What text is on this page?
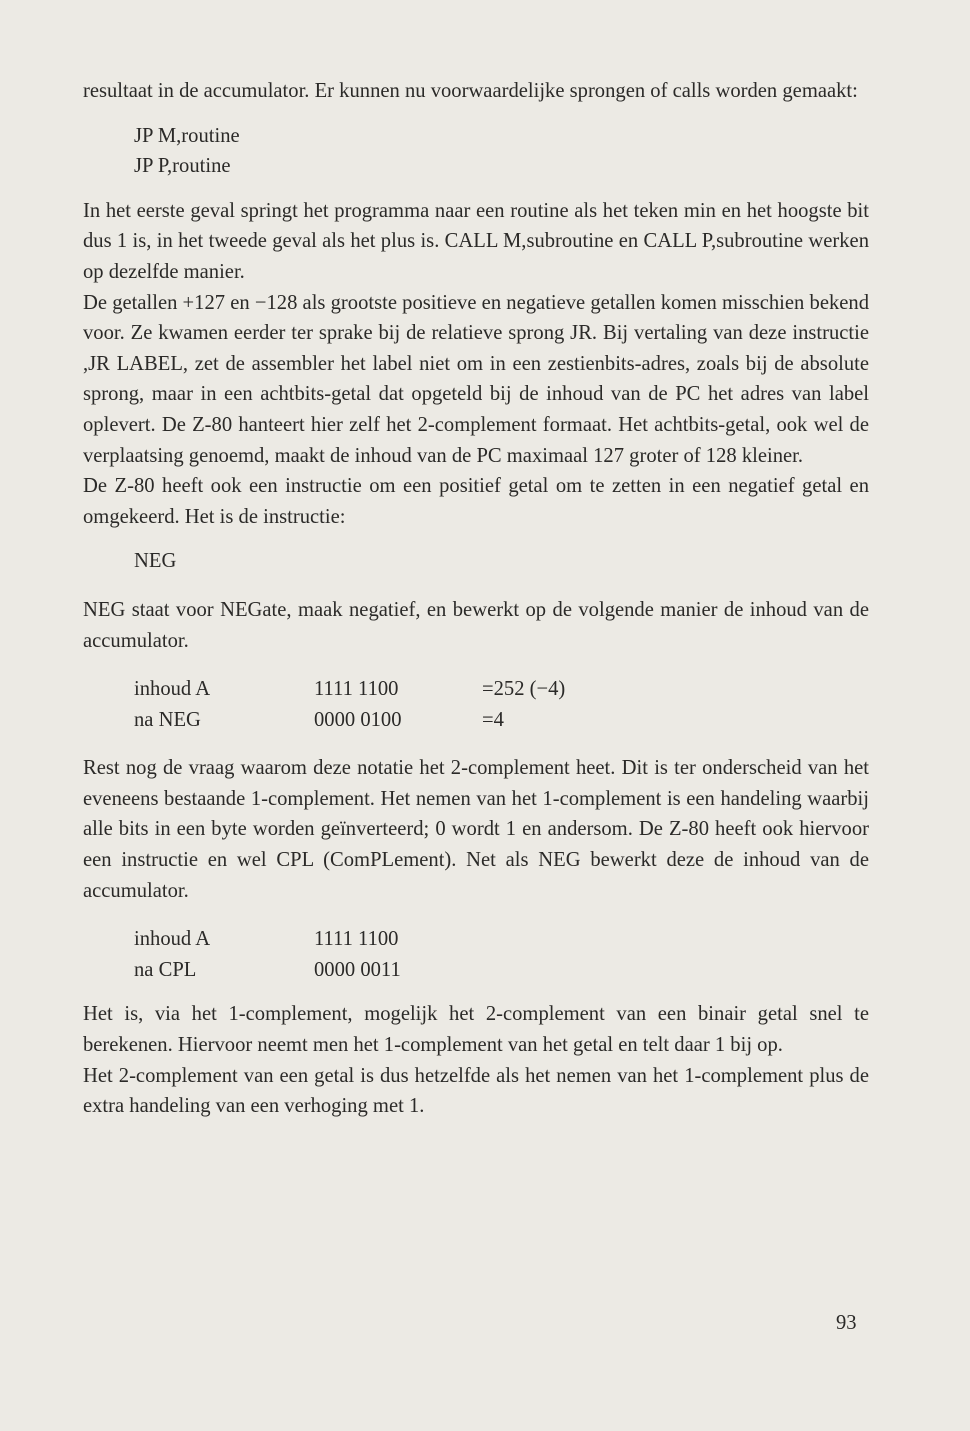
resultaat in de accumulator. Er kunnen nu voorwaardelijke sprongen of calls worden gemaakt:

JP M,routine
JP P,routine

In het eerste geval springt het programma naar een routine als het teken min en het hoogste bit dus 1 is, in het tweede geval als het plus is. CALL M,subroutine en CALL P,subroutine werken op dezelfde manier.

De getallen +127 en −128 als grootste positieve en negatieve getallen komen misschien bekend voor. Ze kwamen eerder ter sprake bij de relatieve sprong JR. Bij vertaling van deze instructie ,JR LABEL, zet de assembler het label niet om in een zestienbits-adres, zoals bij de absolute sprong, maar in een achtbits-getal dat opgeteld bij de inhoud van de PC het adres van label oplevert. De Z-80 hanteert hier zelf het 2-complement formaat. Het achtbits-getal, ook wel de verplaatsing genoemd, maakt de inhoud van de PC maximaal 127 groter of 128 kleiner.

De Z-80 heeft ook een instructie om een positief getal om te zetten in een negatief getal en omgekeerd. Het is de instructie:

NEG

NEG staat voor NEGate, maak negatief, en bewerkt op de volgende manier de inhoud van de accumulator.

inhoud A	1111 1100	=252 (−4)
na NEG	0000 0100	=4

Rest nog de vraag waarom deze notatie het 2-complement heet. Dit is ter onderscheid van het eveneens bestaande 1-complement. Het nemen van het 1-complement is een handeling waarbij alle bits in een byte worden geïnverteerd; 0 wordt 1 en andersom. De Z-80 heeft ook hiervoor een instructie en wel CPL (ComPLement). Net als NEG bewerkt deze de inhoud van de accumulator.

inhoud A	1111 1100
na CPL	0000 0011

Het is, via het 1-complement, mogelijk het 2-complement van een binair getal snel te berekenen. Hiervoor neemt men het 1-complement van het getal en telt daar 1 bij op.

Het 2-complement van een getal is dus hetzelfde als het nemen van het 1-complement plus de extra handeling van een verhoging met 1.

93
